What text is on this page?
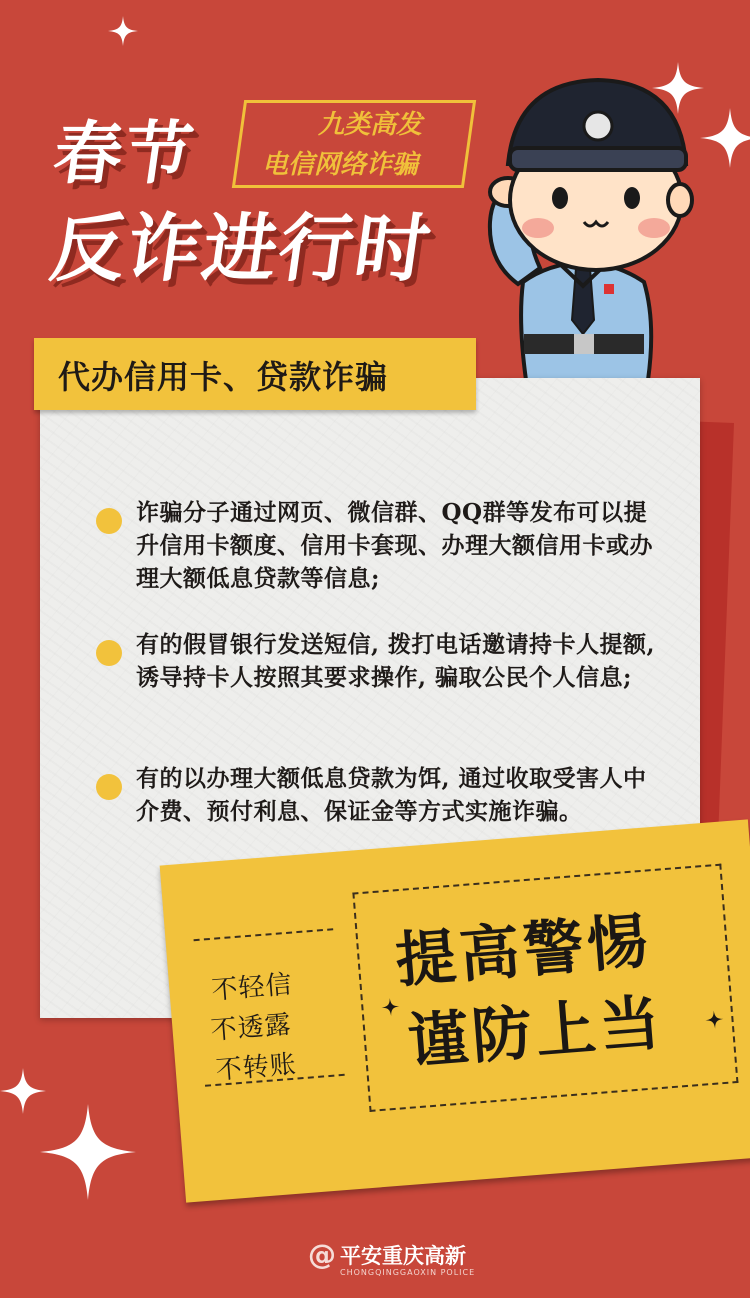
春节
反诈进行时
九类高发
电信网络诈骗
代办信用卡、贷款诈骗
诈骗分子通过网页、微信群、QQ群等发布可以提升信用卡额度、信用卡套现、办理大额信用卡或办理大额低息贷款等信息;
有的假冒银行发送短信, 拨打电话邀请持卡人提额, 诱导持卡人按照其要求操作, 骗取公民个人信息;
有的以办理大额低息贷款为饵, 通过收取受害人中介费、预付利息、保证金等方式实施诈骗。
不轻信
不透露
不转账
提高警惕
谨防上当
@ 平安重庆高新
CHONGQINGGAOXIN POLICE
